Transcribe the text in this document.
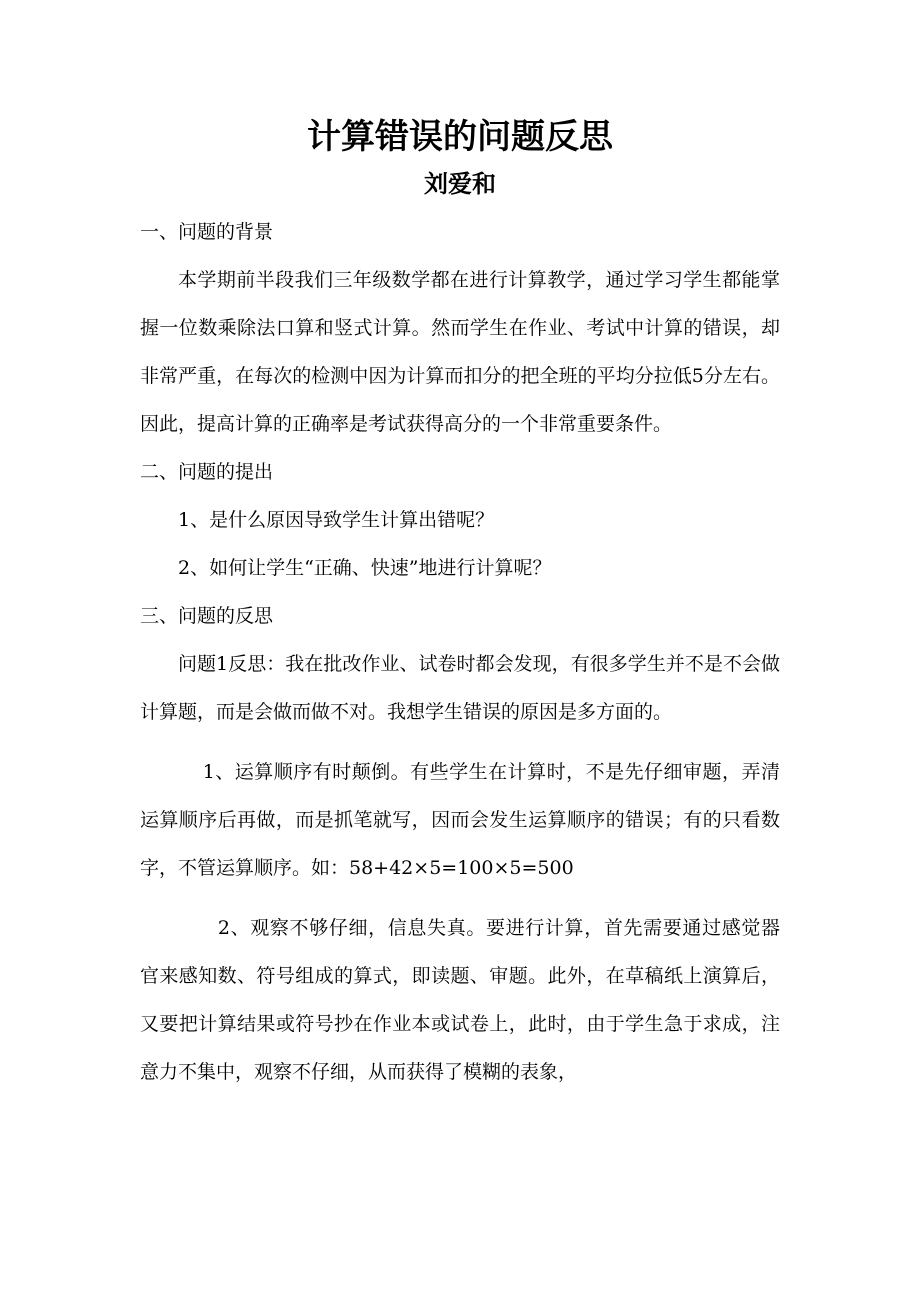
计算错误的问题反思
刘爱和

一、问题的背景

本学期前半段我们三年级数学都在进行计算教学，通过学习学生都能掌握一位数乘除法口算和竖式计算。然而学生在作业、考试中计算的错误，却非常严重，在每次的检测中因为计算而扣分的把全班的平均分拉低5分左右。因此，提高计算的正确率是考试获得高分的一个非常重要条件。

二、问题的提出

1、是什么原因导致学生计算出错呢？

2、如何让学生“正确、快速”地进行计算呢？

三、问题的反思

问题1反思：我在批改作业、试卷时都会发现，有很多学生并不是不会做计算题，而是会做而做不对。我想学生错误的原因是多方面的。

1、运算顺序有时颠倒。有些学生在计算时，不是先仔细审题，弄清运算顺序后再做，而是抓笔就写，因而会发生运算顺序的错误；有的只看数字，不管运算顺序。如：58+42×5=100×5=500

2、观察不够仔细，信息失真。要进行计算，首先需要通过感觉器官来感知数、符号组成的算式，即读题、审题。此外，在草稿纸上演算后，又要把计算结果或符号抄在作业本或试卷上，此时，由于学生急于求成，注意力不集中，观察不仔细，从而获得了模糊的表象，
